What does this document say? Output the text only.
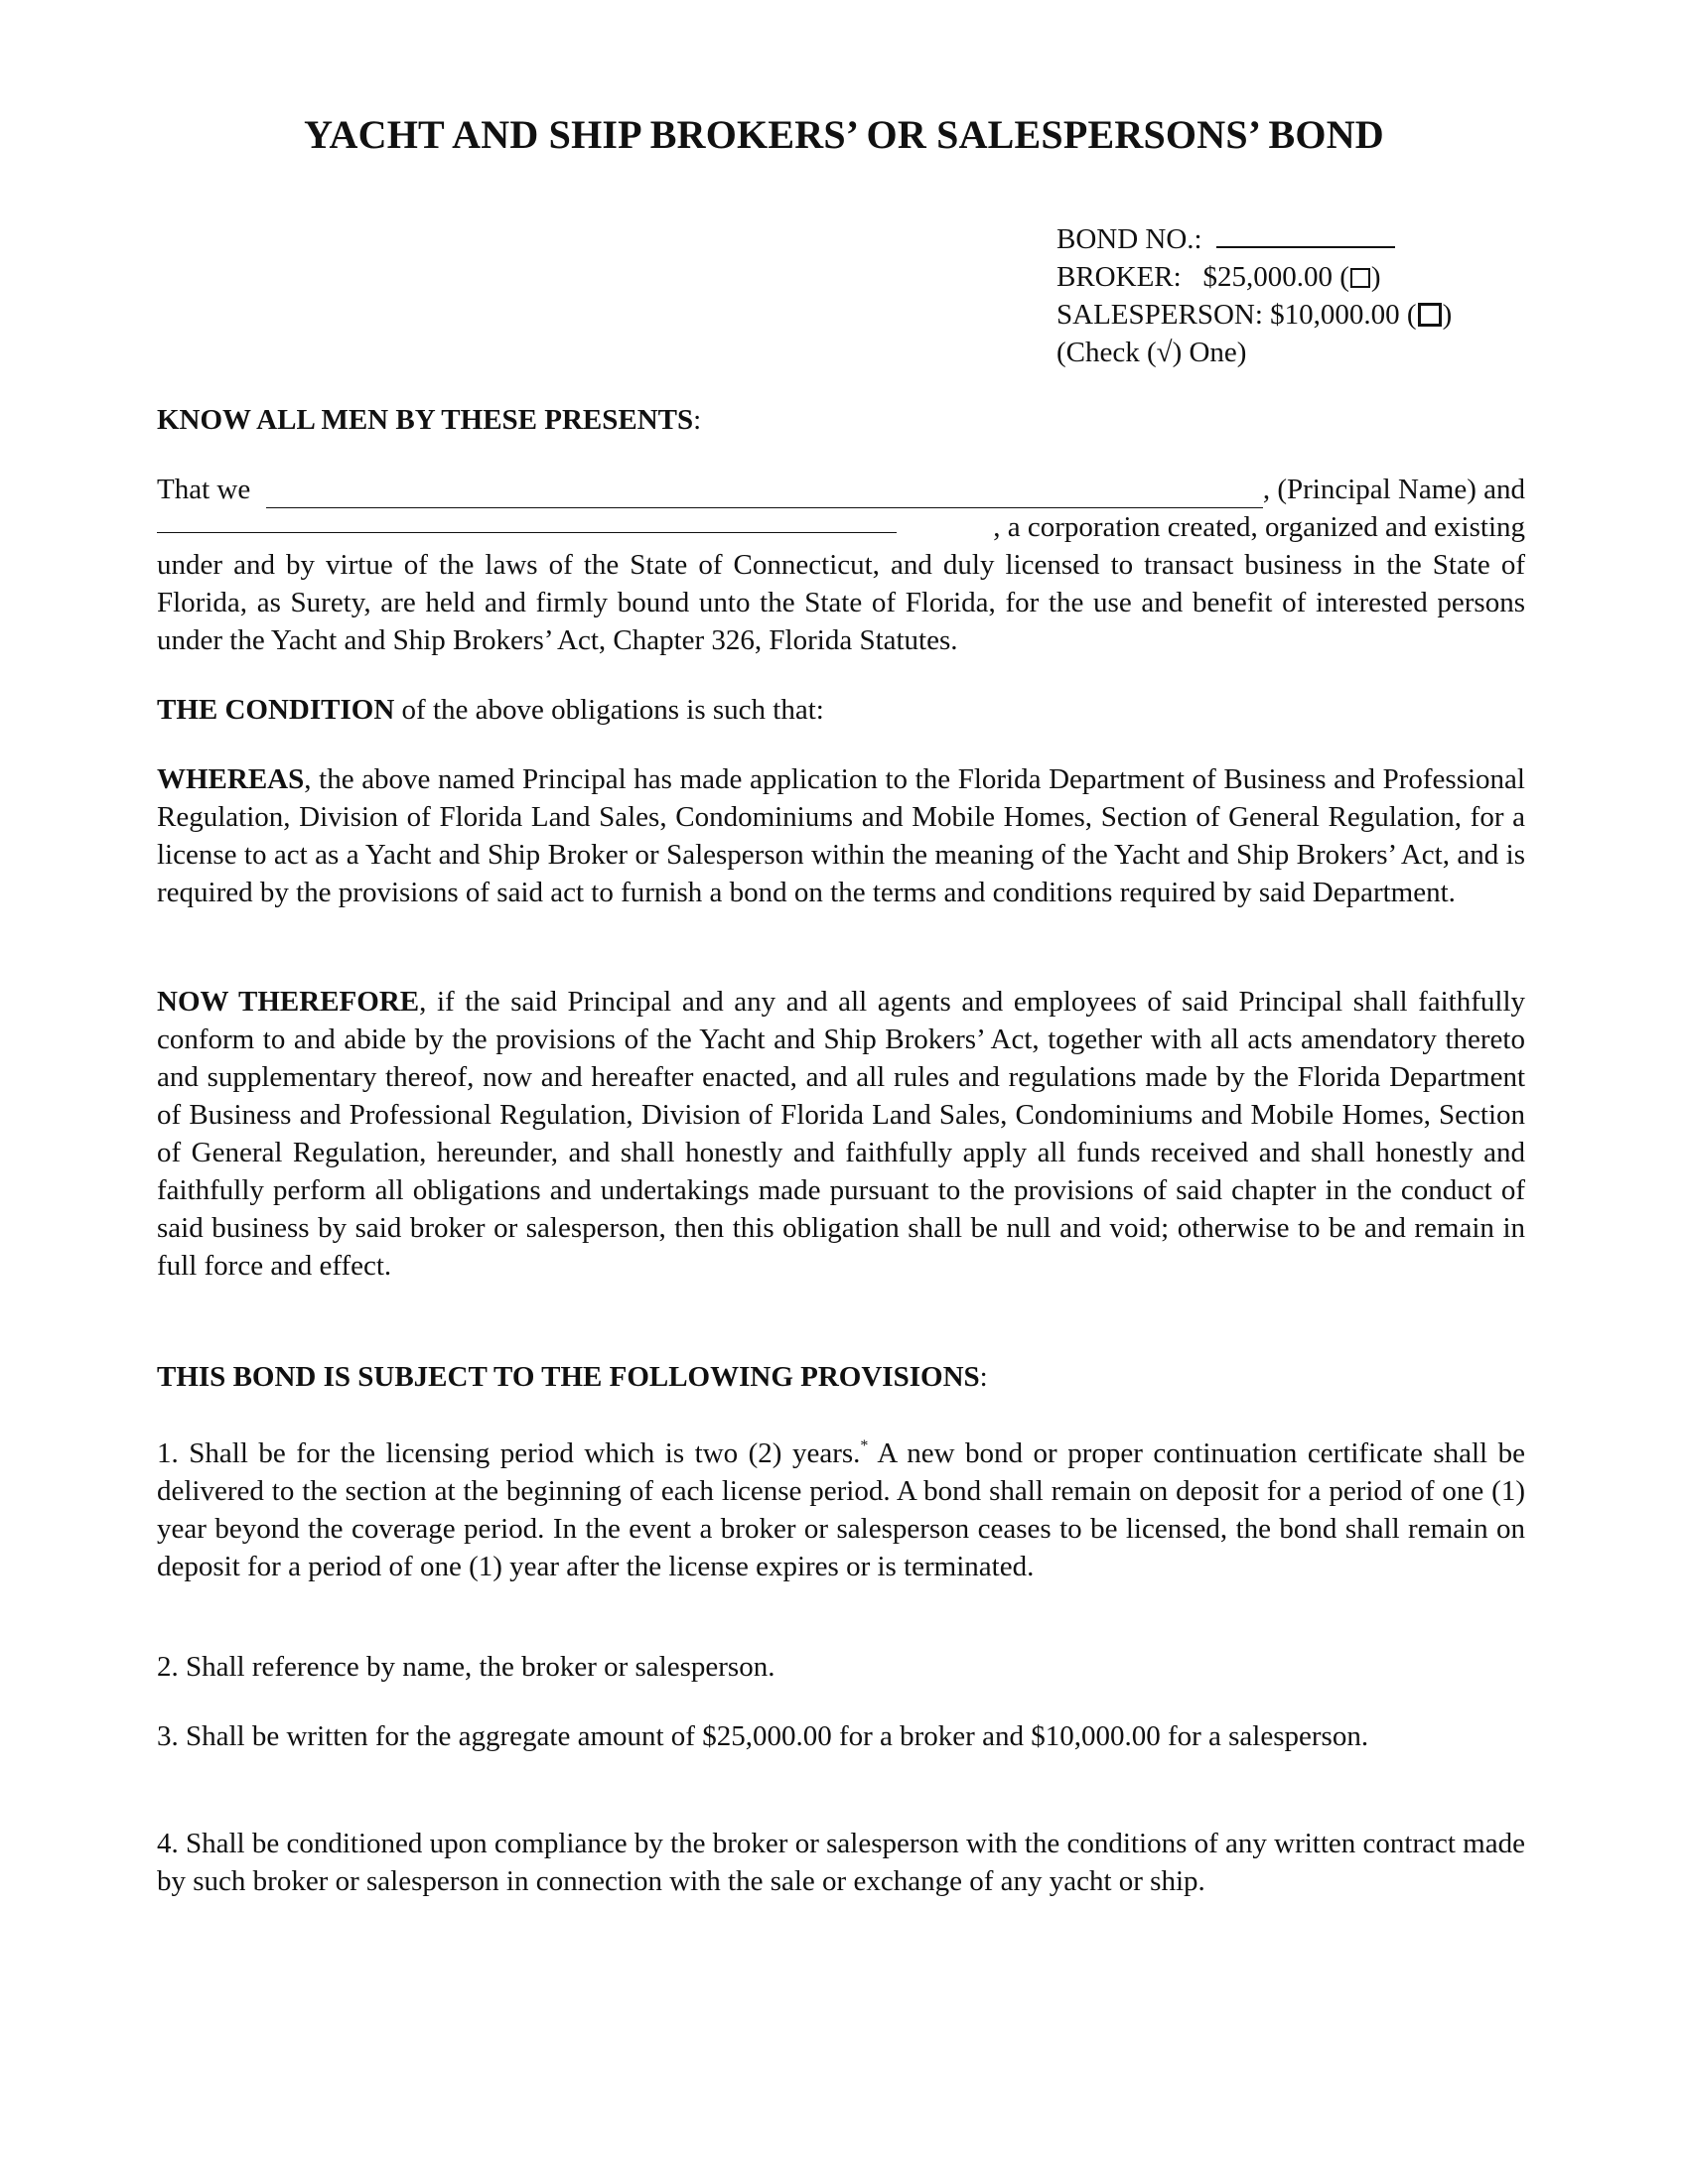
YACHT AND SHIP BROKERS’ OR SALESPERSONS’ BOND
BOND NO.:
BROKER: $25,000.00 ( )
SALESPERSON: $10,000.00 ( )
(Check (√) One)
KNOW ALL MEN BY THESE PRESENTS:
That we	, (Principal Name) and
, a corporation created, organized and existing

under and by virtue of the laws of the State of Connecticut, and duly licensed to transact business in the State of Florida, as Surety, are held and firmly bound unto the State of Florida, for the use and benefit of interested persons under the Yacht and Ship Brokers’ Act, Chapter 326, Florida Statutes.

THE CONDITION of the above obligations is such that:

WHEREAS, the above named Principal has made application to the Florida Department of Business and Professional Regulation, Division of Florida Land Sales, Condominiums and Mobile Homes, Section of General Regulation, for a license to act as a Yacht and Ship Broker or Salesperson within the meaning of the Yacht and Ship Brokers’ Act, and is required by the provisions of said act to furnish a bond on the terms and conditions required by said Department.

NOW THEREFORE, if the said Principal and any and all agents and employees of said Principal shall faithfully conform to and abide by the provisions of the Yacht and Ship Brokers’ Act, together with all acts amendatory thereto and supplementary thereof, now and hereafter enacted, and all rules and regulations made by the Florida Department of Business and Professional Regulation, Division of Florida Land Sales, Condominiums and Mobile Homes, Section of General Regulation, hereunder, and shall honestly and faithfully apply all funds received and shall honestly and faithfully perform all obligations and undertakings made pursuant to the provisions of said chapter in the conduct of said business by said broker or salesperson, then this obligation shall be null and void; otherwise to be and remain in full force and effect.

THIS BOND IS SUBJECT TO THE FOLLOWING PROVISIONS:

1. Shall be for the licensing period which is two (2) years.* A new bond or proper continuation certificate shall be delivered to the section at the beginning of each license period. A bond shall remain on deposit for a period of one (1) year beyond the coverage period. In the event a broker or salesperson ceases to be licensed, the bond shall remain on deposit for a period of one (1) year after the license expires or is terminated.

2. Shall reference by name, the broker or salesperson.

3. Shall be written for the aggregate amount of $25,000.00 for a broker and $10,000.00 for a salesperson.

4. Shall be conditioned upon compliance by the broker or salesperson with the conditions of any written contract made by such broker or salesperson in connection with the sale or exchange of any yacht or ship.
